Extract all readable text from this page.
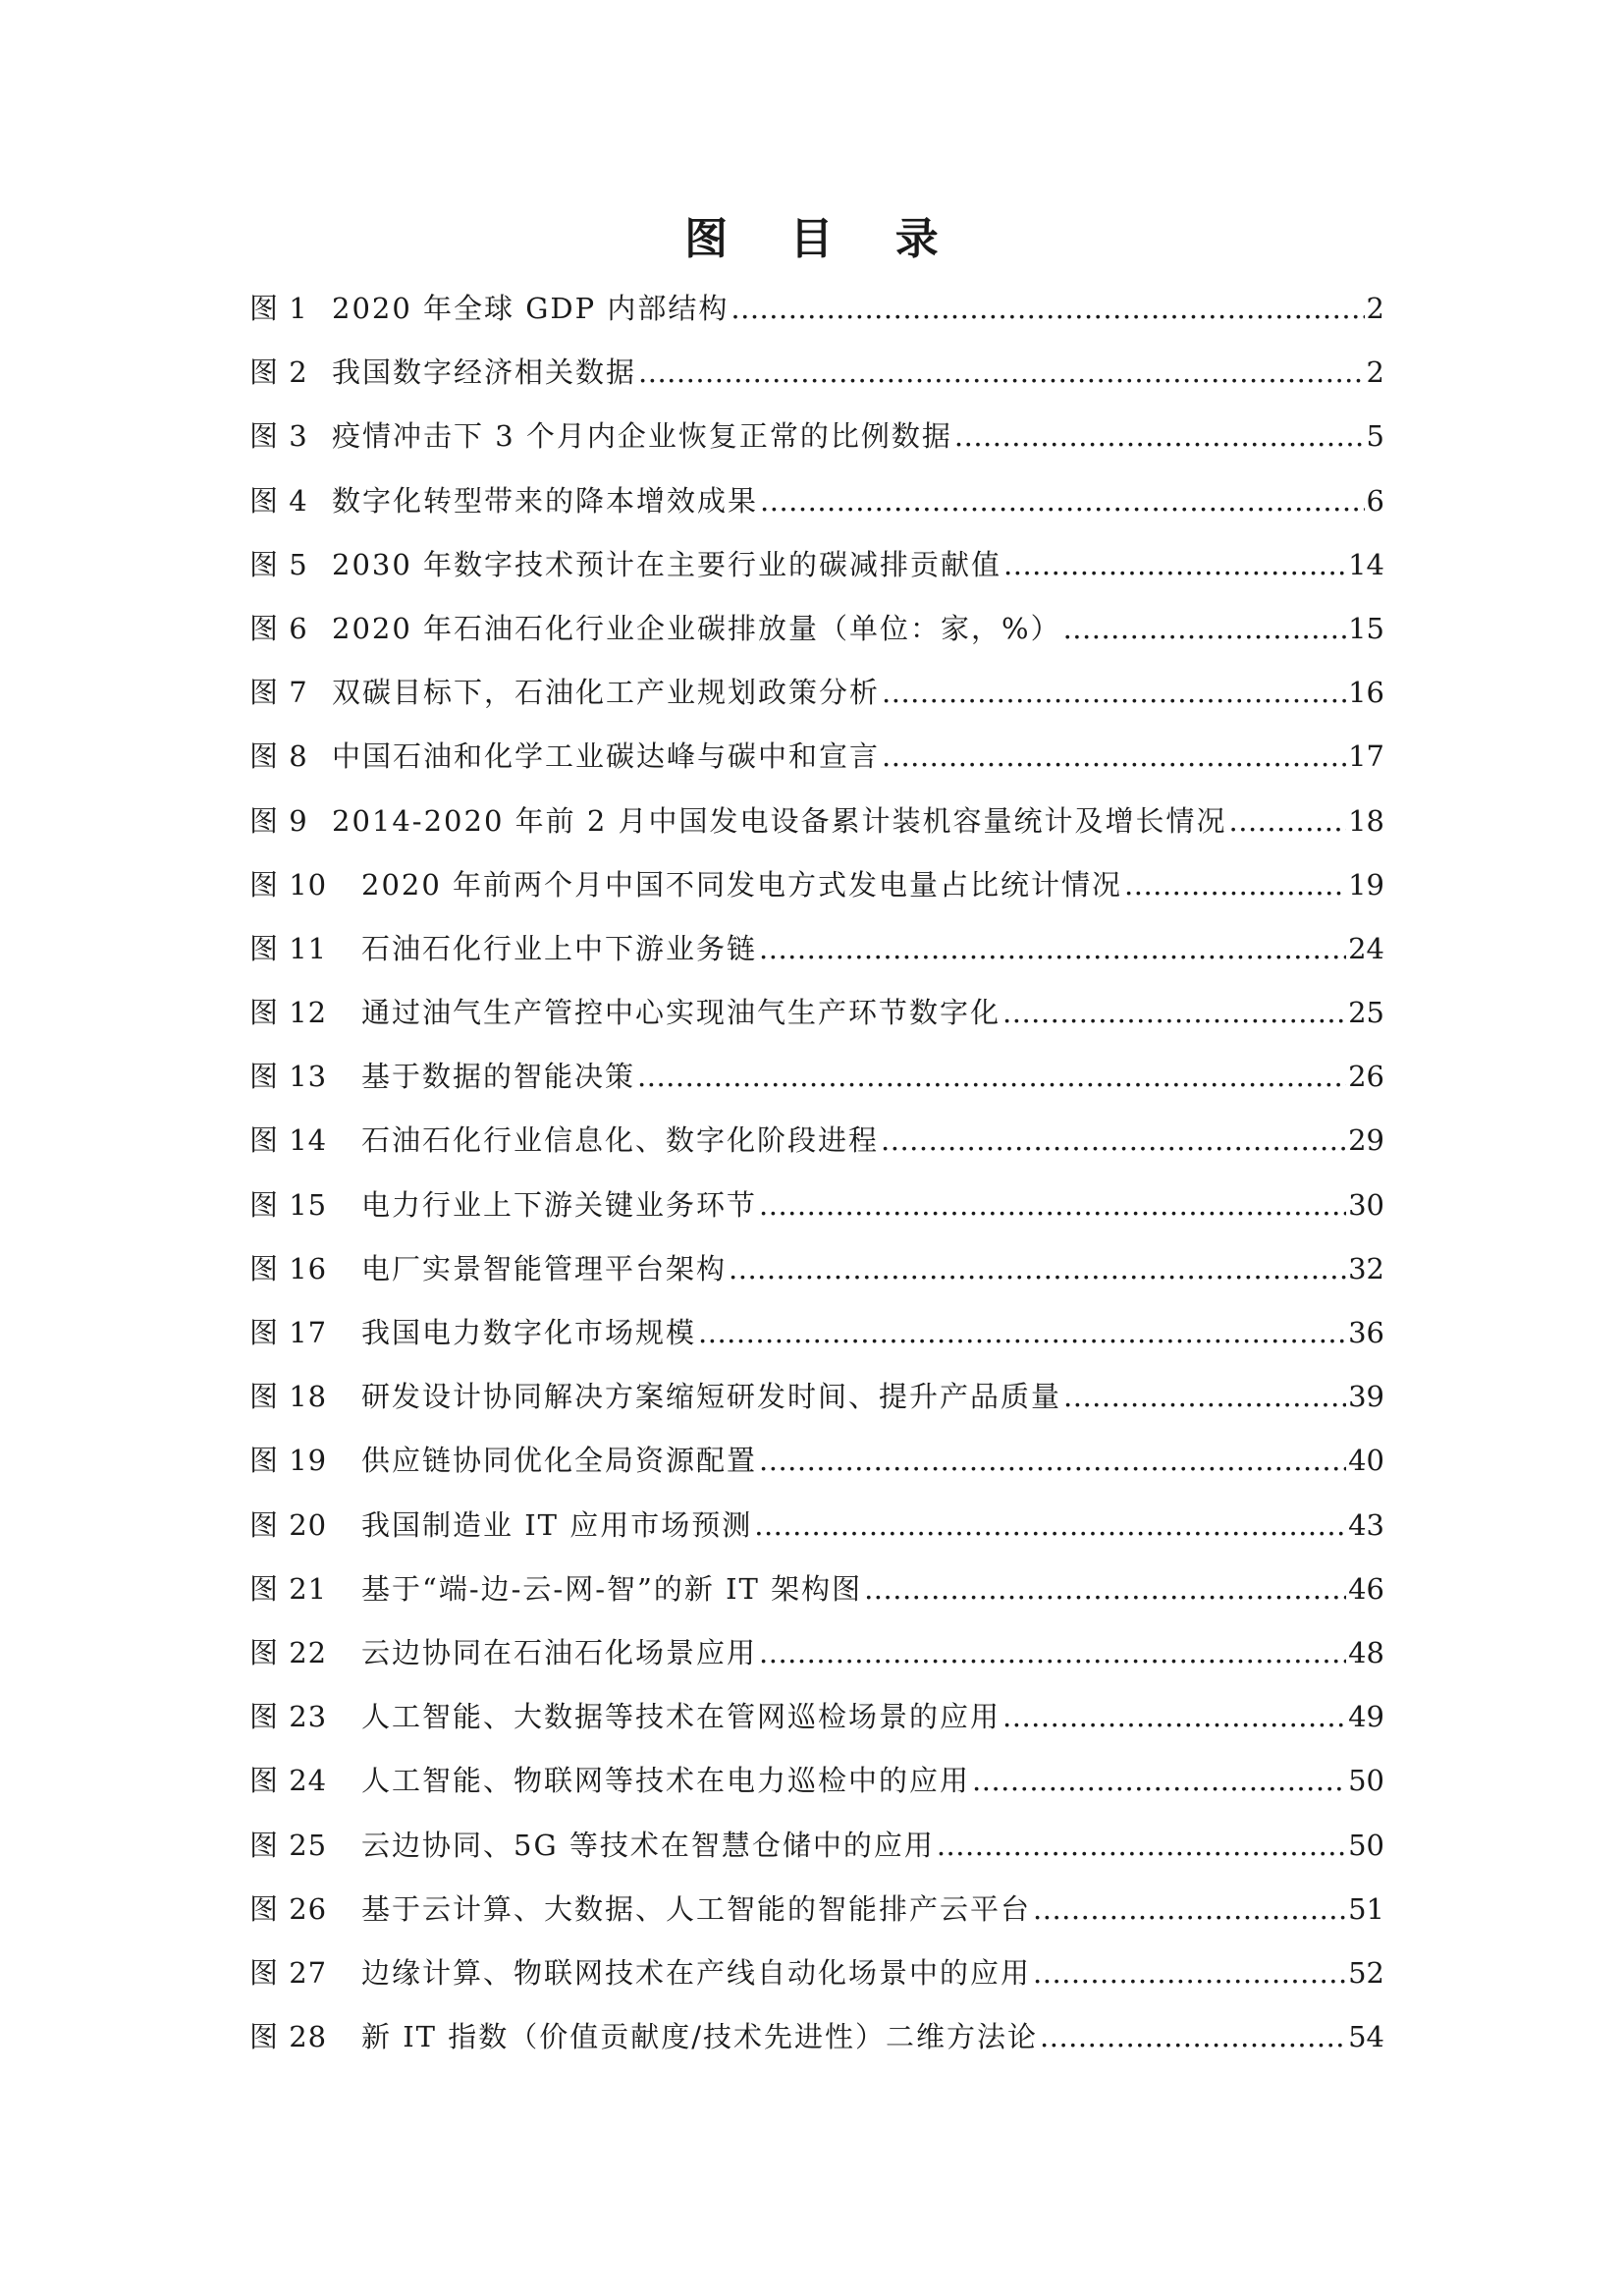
图 目 录
图 1 2020 年全球 GDP 内部结构 .....	2
图 2 我国数字经济相关数据 .....	2
图 3 疫情冲击下 3 个月内企业恢复正常的比例数据 .....	5
图 4 数字化转型带来的降本增效成果 .....	6
图 5 2030 年数字技术预计在主要行业的碳减排贡献值 .....	14
图 6 2020 年石油石化行业企业碳排放量（单位：家，%） .....	15
图 7 双碳目标下，石油化工产业规划政策分析 .....	16
图 8 中国石油和化学工业碳达峰与碳中和宣言 .....	17
图 9 2014-2020 年前 2 月中国发电设备累计装机容量统计及增长情况 .....	18
图 10	2020 年前两个月中国不同发电方式发电量占比统计情况 .....	19
图 11	石油石化行业上中下游业务链 .....	24
图 12	通过油气生产管控中心实现油气生产环节数字化 .....	25
图 13	基于数据的智能决策 .....	26
图 14	石油石化行业信息化、数字化阶段进程 .....	29
图 15	电力行业上下游关键业务环节 .....	30
图 16	电厂实景智能管理平台架构 .....	32
图 17	我国电力数字化市场规模 .....	36
图 18	研发设计协同解决方案缩短研发时间、提升产品质量 .....	39
图 19	供应链协同优化全局资源配置 .....	40
图 20	我国制造业 IT 应用市场预测 .....	43
图 21	基于“端-边-云-网-智”的新 IT 架构图 .....	46
图 22	云边协同在石油石化场景应用 .....	48
图 23	人工智能、大数据等技术在管网巡检场景的应用 .....	49
图 24	人工智能、物联网等技术在电力巡检中的应用 .....	50
图 25	云边协同、5G 等技术在智慧仓储中的应用 .....	50
图 26	基于云计算、大数据、人工智能的智能排产云平台 .....	51
图 27	边缘计算、物联网技术在产线自动化场景中的应用 .....	52
图 28	新 IT 指数（价值贡献度/技术先进性）二维方法论 .....	54
